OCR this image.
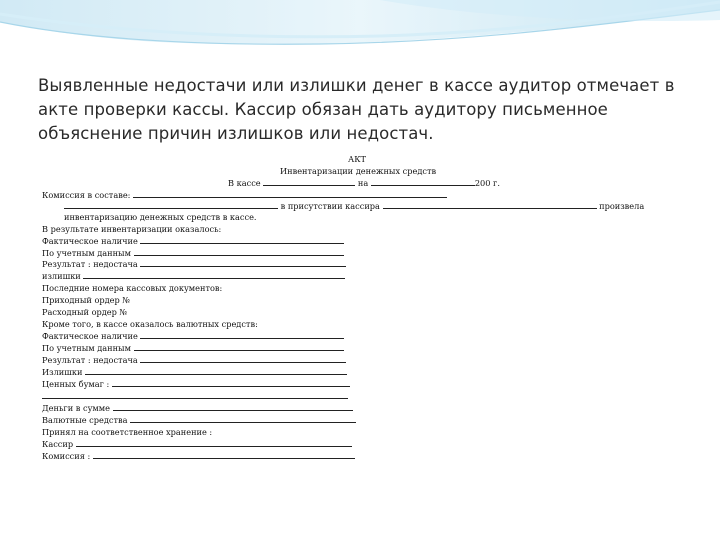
Выявленные недостачи или излишки денег в кассе аудитор отмечает в акте проверки кассы. Кассир обязан дать аудитору письменное объяснение причин излишков или недостач.
АКТ
Инвентаризации денежных средств
В кассе	на	200 г.
Комиссия в составе:
в присутствии кассира	произвела
инвентаризацию денежных средств в кассе.
В результате инвентаризации оказалось:
Фактическое наличие
По учетным данным
Результат : недостача
излишки
Последние номера кассовых документов:
Приходный ордер №
Расходный ордер №
Кроме того, в кассе оказалось валютных средств:
Фактическое наличие
По учетным данным
Результат : недостача
Излишки
Ценных бумаг :
Деньги в сумме
Валютные средства
Принял на соответственное хранение :
Кассир
Комиссия :
